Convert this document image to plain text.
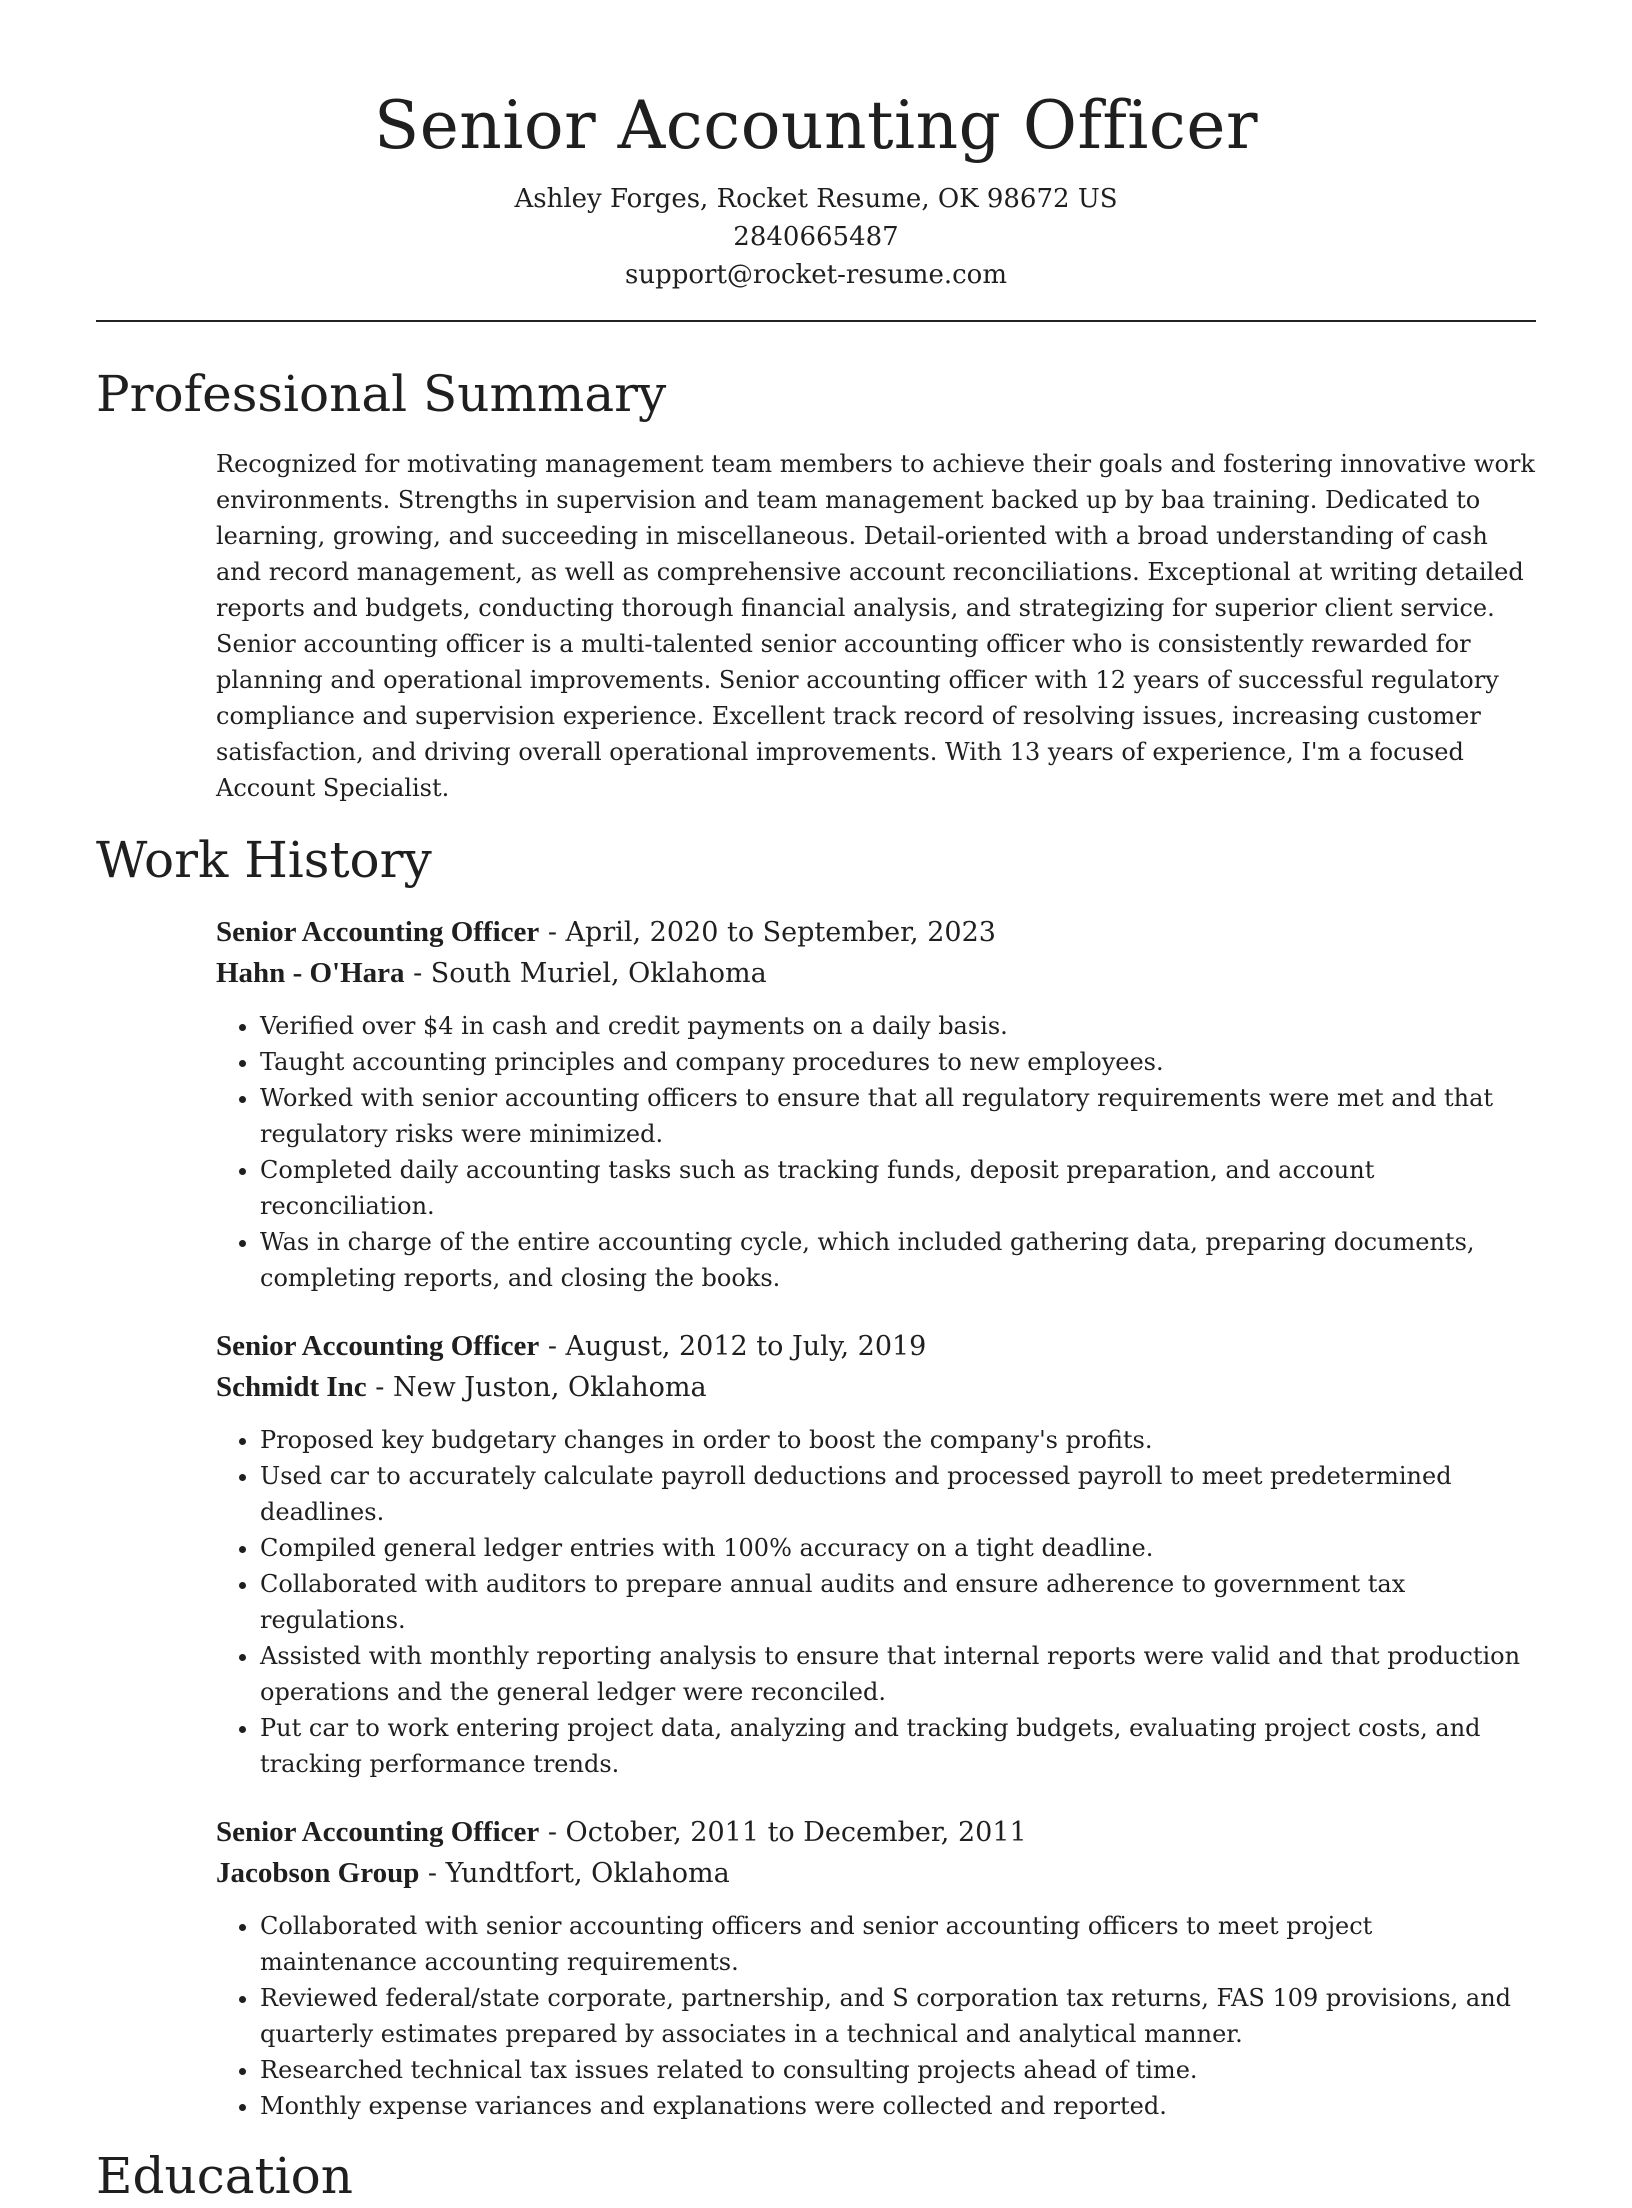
Senior Accounting Officer
Ashley Forges, Rocket Resume, OK 98672 US
2840665487
support@rocket-resume.com
Professional Summary
Recognized for motivating management team members to achieve their goals and fostering innovative work environments. Strengths in supervision and team management backed up by baa training. Dedicated to learning, growing, and succeeding in miscellaneous. Detail-oriented with a broad understanding of cash and record management, as well as comprehensive account reconciliations. Exceptional at writing detailed reports and budgets, conducting thorough financial analysis, and strategizing for superior client service. Senior accounting officer is a multi-talented senior accounting officer who is consistently rewarded for planning and operational improvements. Senior accounting officer with 12 years of successful regulatory compliance and supervision experience. Excellent track record of resolving issues, increasing customer satisfaction, and driving overall operational improvements. With 13 years of experience, I'm a focused Account Specialist.
Work History
Senior Accounting Officer - April, 2020 to September, 2023
Hahn - O'Hara - South Muriel, Oklahoma
• Verified over $4 in cash and credit payments on a daily basis.
• Taught accounting principles and company procedures to new employees.
• Worked with senior accounting officers to ensure that all regulatory requirements were met and that regulatory risks were minimized.
• Completed daily accounting tasks such as tracking funds, deposit preparation, and account reconciliation.
• Was in charge of the entire accounting cycle, which included gathering data, preparing documents, completing reports, and closing the books.
Senior Accounting Officer - August, 2012 to July, 2019
Schmidt Inc - New Juston, Oklahoma
• Proposed key budgetary changes in order to boost the company's profits.
• Used car to accurately calculate payroll deductions and processed payroll to meet predetermined deadlines.
• Compiled general ledger entries with 100% accuracy on a tight deadline.
• Collaborated with auditors to prepare annual audits and ensure adherence to government tax regulations.
• Assisted with monthly reporting analysis to ensure that internal reports were valid and that production operations and the general ledger were reconciled.
• Put car to work entering project data, analyzing and tracking budgets, evaluating project costs, and tracking performance trends.
Senior Accounting Officer - October, 2011 to December, 2011
Jacobson Group - Yundtfort, Oklahoma
• Collaborated with senior accounting officers and senior accounting officers to meet project maintenance accounting requirements.
• Reviewed federal/state corporate, partnership, and S corporation tax returns, FAS 109 provisions, and quarterly estimates prepared by associates in a technical and analytical manner.
• Researched technical tax issues related to consulting projects ahead of time.
• Monthly expense variances and explanations were collected and reported.
Education
